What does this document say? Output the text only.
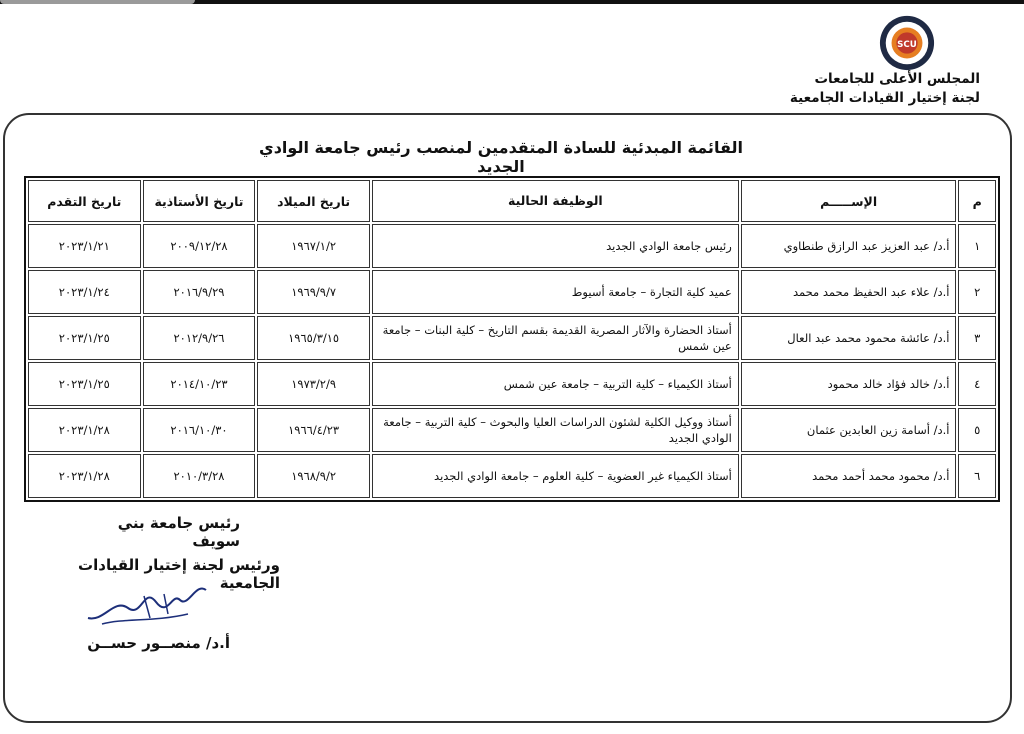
SCU
المجلس الأعلى للجامعات
لجنة إختيار القيادات الجامعية
القائمة المبدئية للسادة المتقدمين لمنصب رئيس جامعة الوادي الجديد
م	الإســـــم	الوظيفة الحالية	تاريخ الميلاد	تاريخ الأستاذية	تاريخ التقدم
١	أ.د/ عبد العزيز عبد الرازق طنطاوي	رئيس جامعة الوادي الجديد	١٩٦٧/١/٢	٢٠٠٩/١٢/٢٨	٢٠٢٣/١/٢١
٢	أ.د/ علاء عبد الحفيظ محمد محمد	عميد كلية التجارة – جامعة أسيوط	١٩٦٩/٩/٧	٢٠١٦/٩/٢٩	٢٠٢٣/١/٢٤
٣	أ.د/ عائشة محمود محمد عبد العال	أستاذ الحضارة والآثار المصرية القديمة بقسم التاريخ – كلية البنات – جامعة عين شمس	١٩٦٥/٣/١٥	٢٠١٢/٩/٢٦	٢٠٢٣/١/٢٥
٤	أ.د/ خالد فؤاد خالد محمود	أستاذ الكيمياء – كلية التربية – جامعة عين شمس	١٩٧٣/٢/٩	٢٠١٤/١٠/٢٣	٢٠٢٣/١/٢٥
٥	أ.د/ أسامة زين العابدين عثمان	أستاذ ووكيل الكلية لشئون الدراسات العليا والبحوث – كلية التربية – جامعة الوادي الجديد	١٩٦٦/٤/٢٣	٢٠١٦/١٠/٣٠	٢٠٢٣/١/٢٨
٦	أ.د/ محمود محمد أحمد محمد	أستاذ الكيمياء غير العضوية – كلية العلوم – جامعة الوادي الجديد	١٩٦٨/٩/٢	٢٠١٠/٣/٢٨	٢٠٢٣/١/٢٨
رئيس جامعة بني سويف
ورئيس لجنة إختيار القيادات الجامعية
أ.د/ منصــور حســن
